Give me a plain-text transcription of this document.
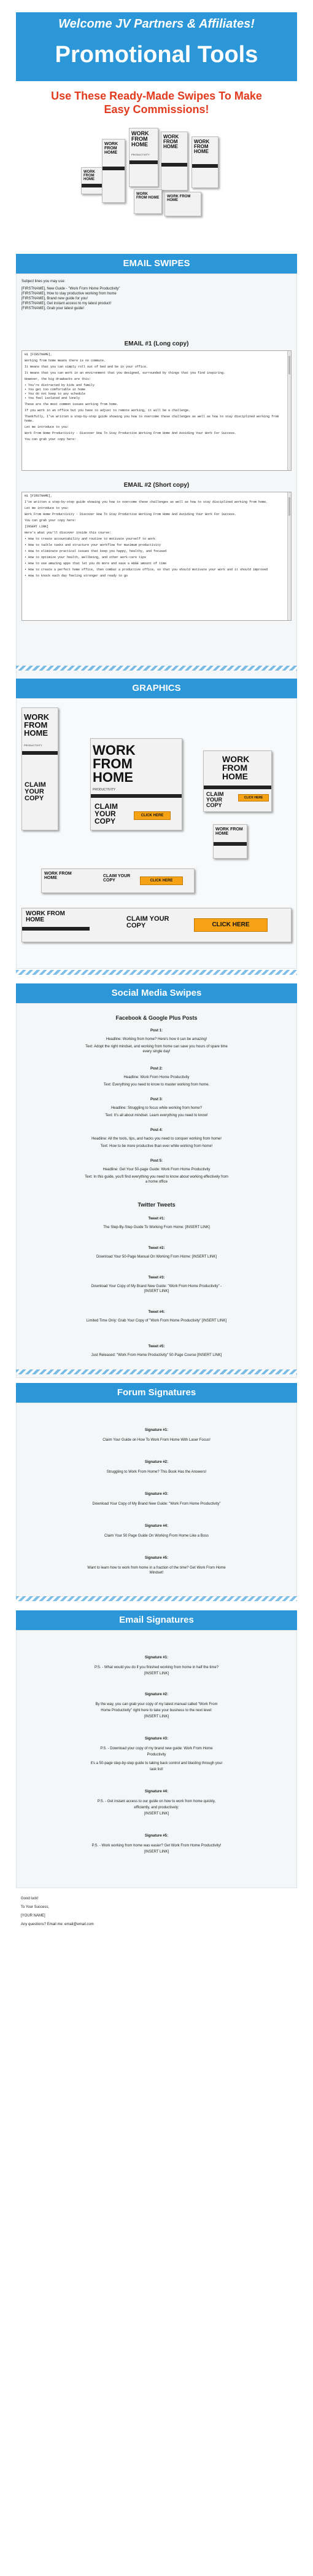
Welcome JV Partners & Affiliates!
Promotional Tools
Use These Ready-Made Swipes To Make Easy Commissions!
WORK FROM HOME
WORK FROM HOME
WORK FROM HOME
PRODUCTIVITY
WORK FROM HOME
WORK FROM HOME
WORK FROM HOME WORK FROM HOME
EMAIL SWIPES
Subject lines you may use:
[FIRSTNAME], New Guide - "Work From Home Productivity"
[FIRSTNAME], How to stay productive working from home
[FIRSTNAME], Brand new guide for you!
[FIRSTNAME], Get instant access to my latest product!
[FIRSTNAME], Grab your latest guide!
EMAIL #1 (Long copy)

Hi [FIRSTNAME],

Working from home means there is no commute.

It means that you can simply roll out of bed and be in your office.

It means that you can work in an environment that you designed, surrounded by things that you find inspiring.

However, the big drawbacks are this:

• You're distracted by kids and family
• You get too comfortable at home
• You do not keep to any schedule
• You feel isolated and lonely

These are the most common issues working from home.

If you work in an office but you have to adjust to remote working, it will be a challenge.

Thankfully, I've written a step-by-step guide showing you how to overcome these challenges as well as how to stay disciplined working from home.

Let me introduce to you:

Work From Home Productivity - Discover How To Stay Productive Working From Home And Avoiding Your Work For Success.

You can grab your copy here:

EMAIL #2 (Short copy)

Hi [FIRSTNAME],

I've written a step-by-step guide showing you how to overcome these challenges as well as how to stay disciplined working from home.

Let me introduce to you:

Work From Home Productivity - Discover How To Stay Productive Working From Home And Avoiding Your Work For Success.

You can grab your copy here:

[INSERT LINK]

Here's what you'll discover inside this course:

• How to create accountability and routine to motivate yourself to work

• How to tackle tasks and structure your workflow for maximum productivity

• How to eliminate practical issues that keep you happy, healthy, and focused

• How to optimize your health, wellbeing, and other work-care tips

• How to use amazing apps that let you do more and save a HUGE amount of time

• How to create a perfect home office, then combat a productive office, so that you should motivate your work and it should improved

• How to knock each day feeling stronger and ready to go

GRAPHICS
WORK FROM HOME
PRODUCTIVITY
CLAIM YOUR COPY
WORK FROM HOME
PRODUCTIVITY
CLAIM YOUR COPY
CLICK HERE
WORK FROM HOME
CLAIM YOUR COPY
CLICK HERE
WORK FROM HOME
WORK FROM HOME	CLAIM YOUR COPY	CLICK HERE
WORK FROM HOME	CLAIM YOUR COPY	CLICK HERE
Social Media Swipes
Facebook & Google Plus Posts
Post 1:
Headline: Working from home? Here's how it can be amazing!
Text: Adopt the right mindset, and working from home can save you hours of spare time every single day!
Post 2:
Headline: Work From Home Productivity
Text: Everything you need to know to master working from home.
Post 3:
Headline: Struggling to focus while working from home?
Text: It's all about mindset. Learn everything you need to know!
Post 4:
Headline: All the tools, tips, and hacks you need to conquer working from home!
Text: How to be more productive than ever while working from home!
Post 5:
Headline: Get Your 50-page Guide: Work From Home Productivity
Text: In this guide, you'll find everything you need to know about working effectively from a home office
Twitter Tweets
Tweet #1:
The Step-By-Step Guide To Working From Home: [INSERT LINK]
Tweet #2:
Download Your 50-Page Manual On Working From Home: [INSERT LINK]
Tweet #3:
Download Your Copy of My Brand New Guide: "Work From Home Productivity" - [INSERT LINK]
Tweet #4:
Limited Time Only: Grab Your Copy of "Work From Home Productivity" [INSERT LINK]
Tweet #5:
Just Released: "Work From Home Productivity" 50-Page Course [INSERT LINK]
Forum Signatures
Signature #1:
Claim Your Guide on How To Work From Home With Laser Focus!
Signature #2:
Struggling to Work From Home? This Book Has the Answers!
Signature #3:
Download Your Copy of My Brand New Guide: "Work From Home Productivity"
Signature #4:
Claim Your 50 Page Guide On Working From Home Like a Boss
Signature #5:
Want to learn how to work from home in a fraction of the time? Get Work From Home Mindset!
Email Signatures
Signature #1:
P.S. - What would you do if you finished working from home in half the time?
[INSERT LINK]
Signature #2:
By the way, you can grab your copy of my latest manual called "Work From
Home Productivity" right here to take your business to the next level:
[INSERT LINK]
Signature #3:
P.S. - Download your copy of my brand new guide: Work From Home
Productivity
It's a 50-page step-by-step guide to taking back control and blasting through your
task list!
Signature #4:
P.S. - Get instant access to our guide on how to work from home quickly,
efficiently, and productively:
[INSERT LINK]
Signature #5:
P.S. - Work working from home was easier? Get Work From Home Productivity!
[INSERT LINK]
Good luck!
To Your Success,
[YOUR NAME]
Any questions? Email me: email@email.com
